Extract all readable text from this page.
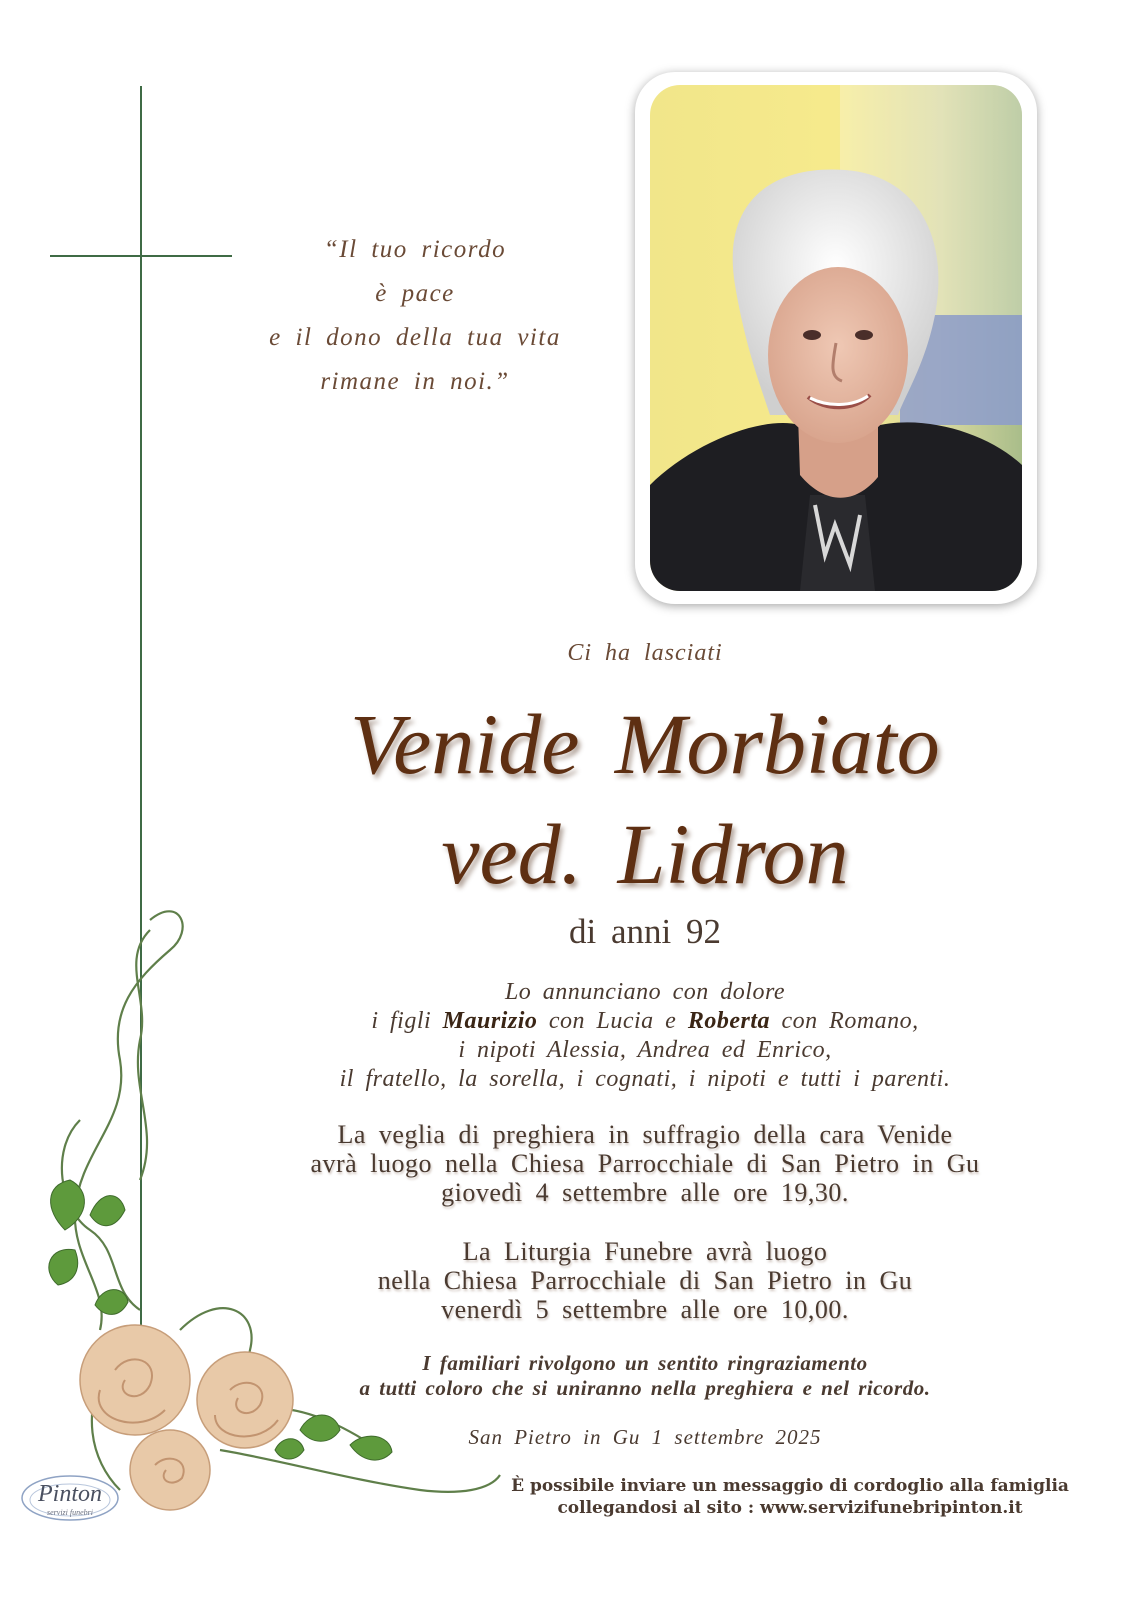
“Il tuo ricordo
è pace
e il dono della tua vita
rimane in noi.”
Ci ha lasciati
Venide Morbiato
ved. Lidron
di anni 92
Lo annunciano con dolore
i figli Maurizio con Lucia e Roberta con Romano,
i nipoti Alessia, Andrea ed Enrico,
il fratello, la sorella, i cognati, i nipoti e tutti i parenti.
La veglia di preghiera in suffragio della cara Venide
avrà luogo nella Chiesa Parrocchiale di San Pietro in Gu
giovedì 4 settembre alle ore 19,30.
La Liturgia Funebre avrà luogo
nella Chiesa Parrocchiale di San Pietro in Gu
venerdì 5 settembre alle ore 10,00.
I familiari rivolgono un sentito ringraziamento
a tutti coloro che si uniranno nella preghiera e nel ricordo.
San Pietro in Gu 1 settembre 2025
È possibile inviare un messaggio di cordoglio alla famiglia
collegandosi al sito : www.servizifunebripinton.it
Pinton
servizi funebri
